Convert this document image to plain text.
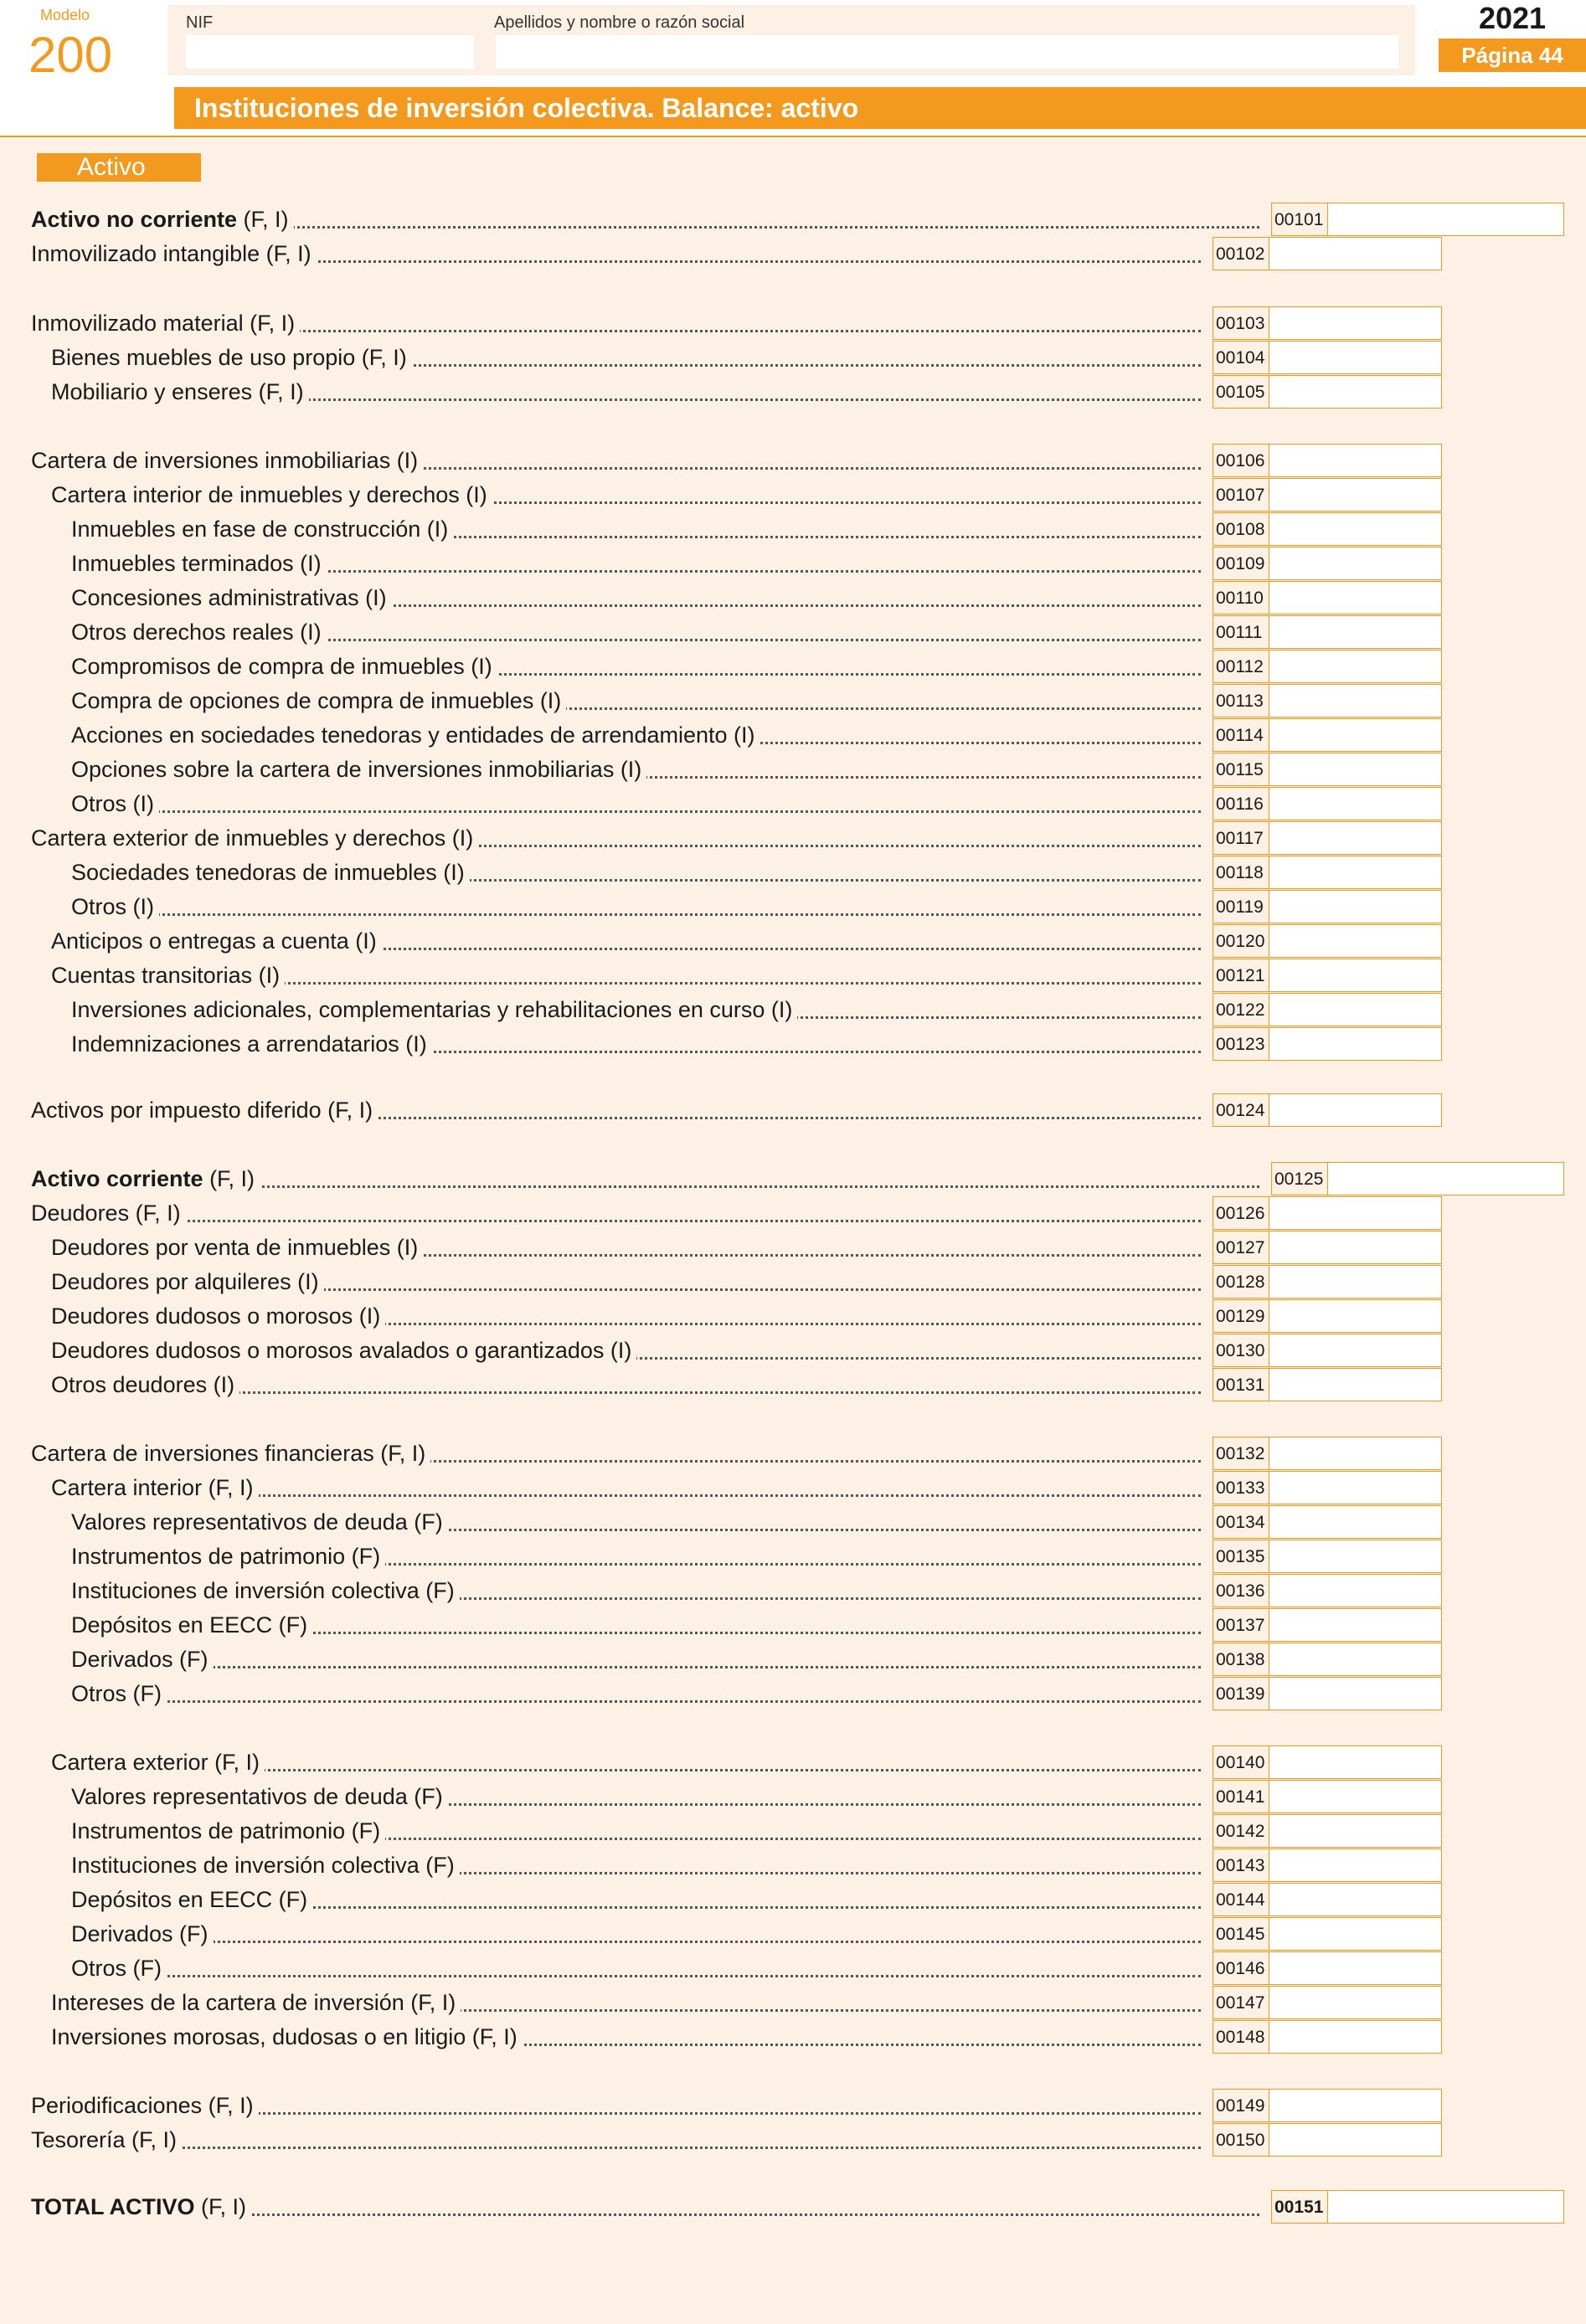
Modelo
200
NIF	Apellidos y nombre o razón social	2021
Página 44
Instituciones de inversión colectiva. Balance: activo
Activo
Activo no corriente (F, I)	00101
Inmovilizado intangible (F, I)	00102
Inmovilizado material (F, I)	00103
Bienes muebles de uso propio (F, I)	00104
Mobiliario y enseres (F, I)	00105
Cartera de inversiones inmobiliarias (I)	00106
Cartera interior de inmuebles y derechos (I)	00107
Inmuebles en fase de construcción (I)	00108
Inmuebles terminados (I)	00109
Concesiones administrativas (I)	00110
Otros derechos reales (I)	00111
Compromisos de compra de inmuebles (I)	00112
Compra de opciones de compra de inmuebles (I)	00113
Acciones en sociedades tenedoras y entidades de arrendamiento (I)	00114
Opciones sobre la cartera de inversiones inmobiliarias (I)	00115
Otros (I)	00116
Cartera exterior de inmuebles y derechos (I)	00117
Sociedades tenedoras de inmuebles (I)	00118
Otros (I)	00119
Anticipos o entregas a cuenta (I)	00120
Cuentas transitorias (I)	00121
Inversiones adicionales, complementarias y rehabilitaciones en curso (I)	00122
Indemnizaciones a arrendatarios (I)	00123
Activos por impuesto diferido (F, I)	00124
Activo corriente (F, I)	00125
Deudores (F, I)	00126
Deudores por venta de inmuebles (I)	00127
Deudores por alquileres (I)	00128
Deudores dudosos o morosos (I)	00129
Deudores dudosos o morosos avalados o garantizados (I)	00130
Otros deudores (I)	00131
Cartera de inversiones financieras (F, I)	00132
Cartera interior (F, I)	00133
Valores representativos de deuda (F)	00134
Instrumentos de patrimonio (F)	00135
Instituciones de inversión colectiva (F)	00136
Depósitos en EECC (F)	00137
Derivados (F)	00138
Otros (F)	00139
Cartera exterior (F, I)	00140
Valores representativos de deuda (F)	00141
Instrumentos de patrimonio (F)	00142
Instituciones de inversión colectiva (F)	00143
Depósitos en EECC (F)	00144
Derivados (F)	00145
Otros (F)	00146
Intereses de la cartera de inversión (F, I)	00147
Inversiones morosas, dudosas o en litigio (F, I)	00148
Periodificaciones (F, I)	00149
Tesorería (F, I)	00150
TOTAL ACTIVO (F, I)	00151
